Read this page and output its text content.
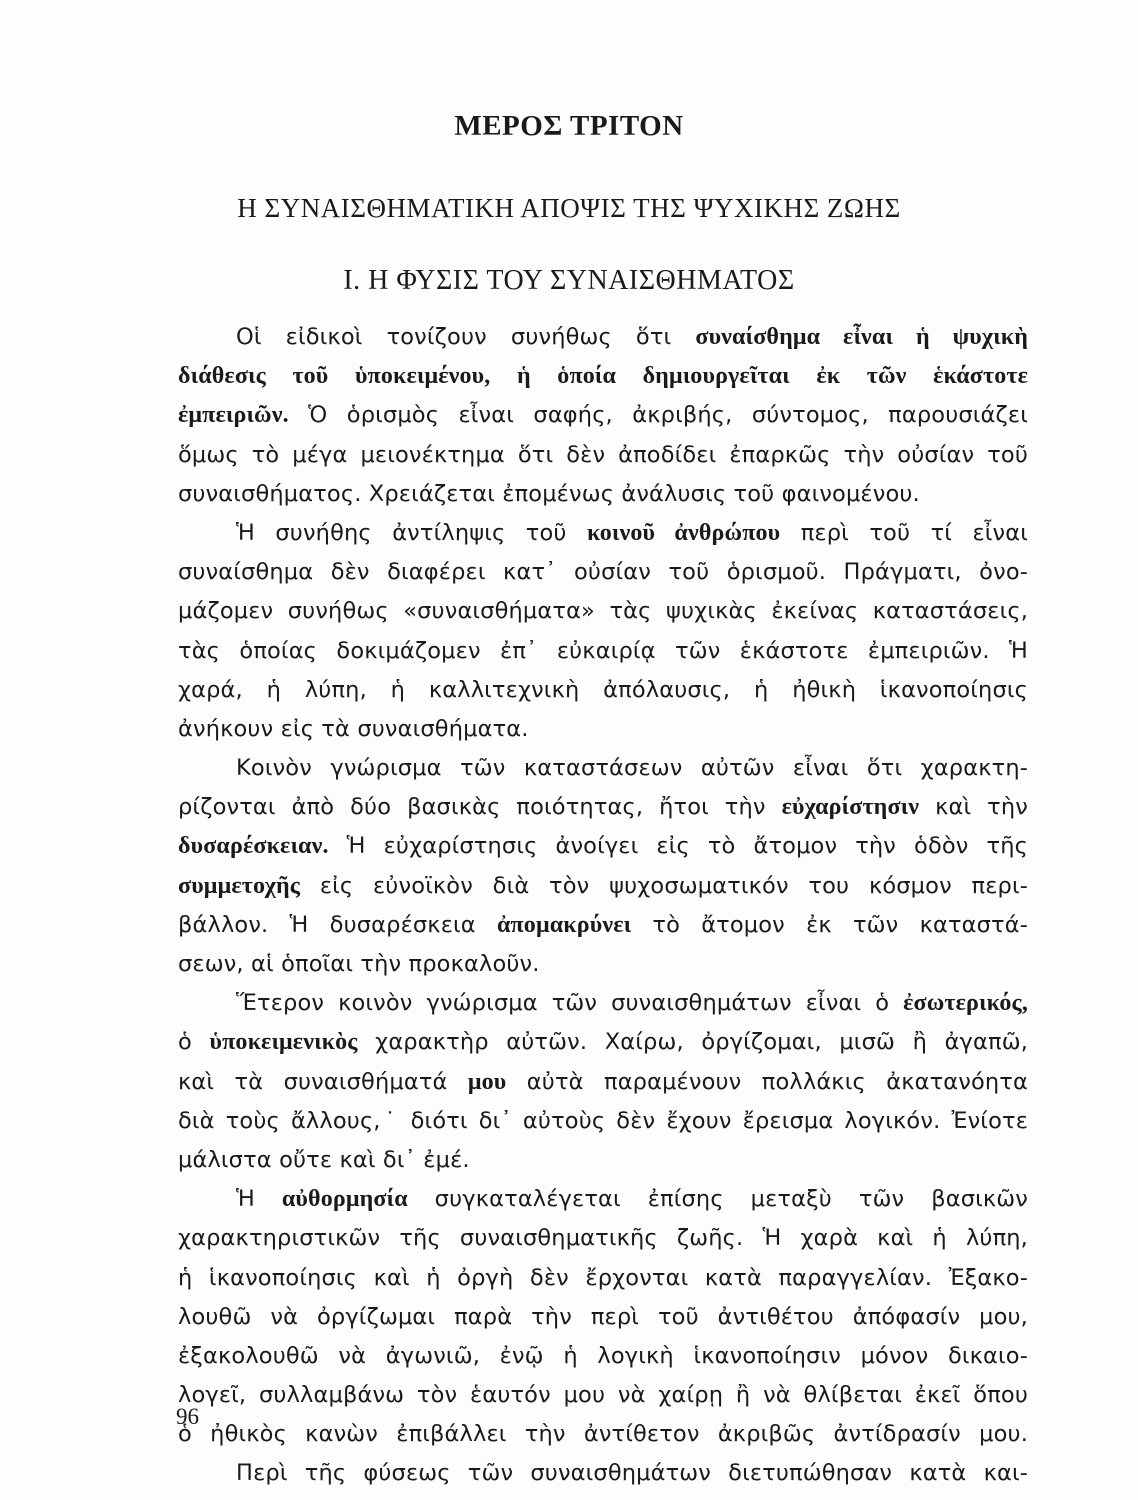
ΜΕΡΟΣ ΤΡΙΤΟΝ
Η ΣΥΝΑΙΣΘΗΜΑΤΙΚΗ ΑΠΟΨΙΣ ΤΗΣ ΨΥΧΙΚΗΣ ΖΩΗΣ
Ι. Η ΦΥΣΙΣ ΤΟΥ ΣΥΝΑΙΣΘΗΜΑΤΟΣ
Οἱ εἰδικοὶ τονίζουν συνήθως ὅτι συναίσθημα εἶναι ἡ ψυχικὴ
διάθεσις τοῦ ὑποκειμένου, ἡ ὁποία δημιουργεῖται ἐκ τῶν ἑκάστοτε
ἐμπειριῶν. Ὁ ὁρισμὸς εἶναι σαφής, ἀκριβής, σύντομος, παρουσιάζει
ὅμως τὸ μέγα μειονέκτημα ὅτι δὲν ἀποδίδει ἐπαρκῶς τὴν οὐσίαν τοῦ
συναισθήματος. Χρειάζεται ἐπομένως ἀνάλυσις τοῦ φαινομένου.
Ἡ συνήθης ἀντίληψις τοῦ κοινοῦ ἀνθρώπου περὶ τοῦ τί εἶναι
συναίσθημα δὲν διαφέρει κατ᾽ οὐσίαν τοῦ ὁρισμοῦ. Πράγματι, ὀνο-
μάζομεν συνήθως «συναισθήματα» τὰς ψυχικὰς ἐκείνας καταστάσεις,
τὰς ὁποίας δοκιμάζομεν ἐπ᾽ εὐκαιρίᾳ τῶν ἑκάστοτε ἐμπειριῶν. Ἡ
χαρά, ἡ λύπη, ἡ καλλιτεχνικὴ ἀπόλαυσις, ἡ ἠθικὴ ἱκανοποίησις
ἀνήκουν εἰς τὰ συναισθήματα.
Κοινὸν γνώρισμα τῶν καταστάσεων αὐτῶν εἶναι ὅτι χαρακτη-
ρίζονται ἀπὸ δύο βασικὰς ποιότητας, ἤτοι τὴν εὐχαρίστησιν καὶ τὴν
δυσαρέσκειαν. Ἡ εὐχαρίστησις ἀνοίγει εἰς τὸ ἄτομον τὴν ὁδὸν τῆς
συμμετοχῆς εἰς εὐνοϊκὸν διὰ τὸν ψυχοσωματικόν του κόσμον περι-
βάλλον. Ἡ δυσαρέσκεια ἀπομακρύνει τὸ ἄτομον ἐκ τῶν καταστά-
σεων, αἱ ὁποῖαι τὴν προκαλοῦν.
Ἕτερον κοινὸν γνώρισμα τῶν συναισθημάτων εἶναι ὁ ἐσωτερικός,
ὁ ὑποκειμενικὸς χαρακτὴρ αὐτῶν. Χαίρω, ὀργίζομαι, μισῶ ἢ ἀγαπῶ,
καὶ τὰ συναισθήματά μου αὐτὰ παραμένουν πολλάκις ἀκατανόητα
διὰ τοὺς ἄλλους,˙ διότι δι᾽ αὐτοὺς δὲν ἔχουν ἔρεισμα λογικόν. Ἐνίοτε
μάλιστα οὔτε καὶ δι᾽ ἐμέ.
Ἡ αὐθορμησία συγκαταλέγεται ἐπίσης μεταξὺ τῶν βασικῶν
χαρακτηριστικῶν τῆς συναισθηματικῆς ζωῆς. Ἡ χαρὰ καὶ ἡ λύπη,
ἡ ἱκανοποίησις καὶ ἡ ὀργὴ δὲν ἔρχονται κατὰ παραγγελίαν. Ἐξακο-
λουθῶ νὰ ὀργίζωμαι παρὰ τὴν περὶ τοῦ ἀντιθέτου ἀπόφασίν μου,
ἐξακολουθῶ νὰ ἀγωνιῶ, ἐνῷ ἡ λογικὴ ἱκανοποίησιν μόνον δικαιο-
λογεῖ, συλλαμβάνω τὸν ἑαυτόν μου νὰ χαίρῃ ἢ νὰ θλίβεται ἐκεῖ ὅπου
ὁ ἠθικὸς κανὼν ἐπιβάλλει τὴν ἀντίθετον ἀκριβῶς ἀντίδρασίν μου.
Περὶ τῆς φύσεως τῶν συναισθημάτων διετυπώθησαν κατὰ και-
96
